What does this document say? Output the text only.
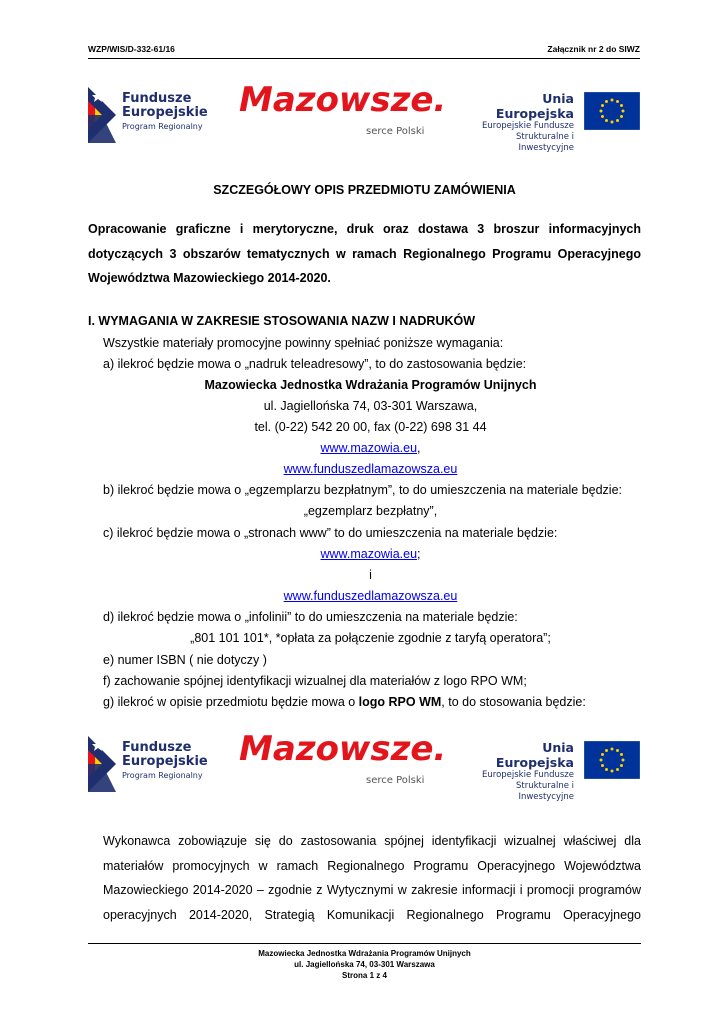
WZP/WIS/D-332-61/16	Załącznik nr 2 do SIWZ
Fundusze
Europejskie
Program Regionalny
Mazowsze.
serce Polski
Unia Europejska
Europejskie Fundusze
Strukturalne i Inwestycyjne
SZCZEGÓŁOWY OPIS PRZEDMIOTU ZAMÓWIENIA
Opracowanie graficzne i merytoryczne, druk oraz dostawa 3 broszur informacyjnych
dotyczących 3 obszarów tematycznych w ramach Regionalnego Programu Operacyjnego
Województwa Mazowieckiego 2014-2020.
I. WYMAGANIA W ZAKRESIE STOSOWANIA NAZW I NADRUKÓW
Wszystkie materiały promocyjne powinny spełniać poniższe wymagania:
a) ilekroć będzie mowa o „nadruk teleadresowy”, to do zastosowania będzie:
Mazowiecka Jednostka Wdrażania Programów Unijnych
ul. Jagiellońska 74, 03-301 Warszawa,
tel. (0-22) 542 20 00, fax (0-22) 698 31 44
www.mazowia.eu,
www.funduszedlamazowsza.eu
b) ilekroć będzie mowa o „egzemplarzu bezpłatnym”, to do umieszczenia na materiale będzie:
„egzemplarz bezpłatny”,
c) ilekroć będzie mowa o „stronach www” to do umieszczenia na materiale będzie:
www.mazowia.eu;
i
www.funduszedlamazowsza.eu
d) ilekroć będzie mowa o „infolinii” to do umieszczenia na materiale będzie:
„801 101 101*, *opłata za połączenie zgodnie z taryfą operatora”;
e) numer ISBN ( nie dotyczy )
f) zachowanie spójnej identyfikacji wizualnej dla materiałów z logo RPO WM;
g) ilekroć w opisie przedmiotu będzie mowa o logo RPO WM, to do stosowania będzie:
Fundusze
Europejskie
Program Regionalny
Mazowsze.
serce Polski
Unia Europejska
Europejskie Fundusze
Strukturalne i Inwestycyjne
Wykonawca zobowiązuje się do zastosowania spójnej identyfikacji wizualnej właściwej dla
materiałów promocyjnych w ramach Regionalnego Programu Operacyjnego Województwa
Mazowieckiego 2014-2020 – zgodnie z Wytycznymi w zakresie informacji i promocji programów
operacyjnych 2014-2020, Strategią Komunikacji Regionalnego Programu Operacyjnego
Mazowiecka Jednostka Wdrażania Programów Unijnych
ul. Jagiellońska 74, 03-301 Warszawa
Strona 1 z 4
